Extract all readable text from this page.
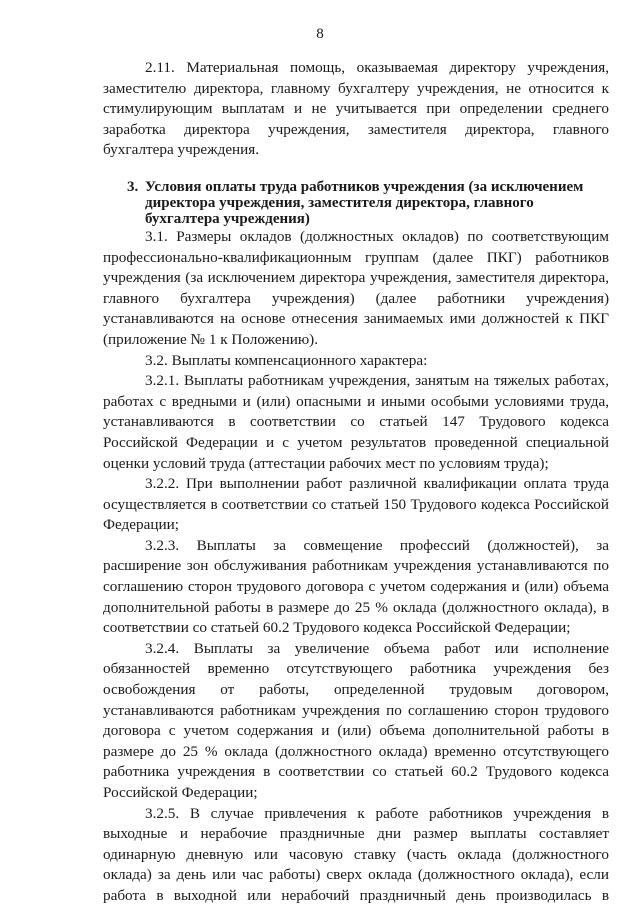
8

2.11. Материальная помощь, оказываемая директору учреждения, заместителю директора, главному бухгалтеру учреждения, не относится к стимулирующим выплатам и не учитывается при определении среднего заработка директора учреждения, заместителя директора, главного бухгалтера учреждения.

3. Условия оплаты труда работников учреждения (за исключением директора учреждения, заместителя директора, главного бухгалтера учреждения)

3.1. Размеры окладов (должностных окладов) по соответствующим профессионально-квалификационным группам (далее ПКГ) работников учреждения (за исключением директора учреждения, заместителя директора, главного бухгалтера учреждения) (далее работники учреждения) устанавливаются на основе отнесения занимаемых ими должностей к ПКГ (приложение № 1 к Положению).

3.2. Выплаты компенсационного характера:

3.2.1. Выплаты работникам учреждения, занятым на тяжелых работах, работах с вредными и (или) опасными и иными особыми условиями труда, устанавливаются в соответствии со статьей 147 Трудового кодекса Российской Федерации и с учетом результатов проведенной специальной оценки условий труда (аттестации рабочих мест по условиям труда);

3.2.2. При выполнении работ различной квалификации оплата труда осуществляется в соответствии со статьей 150 Трудового кодекса Российской Федерации;

3.2.3. Выплаты за совмещение профессий (должностей), за расширение зон обслуживания работникам учреждения устанавливаются по соглашению сторон трудового договора с учетом содержания и (или) объема дополнительной работы в размере до 25 % оклада (должностного оклада), в соответствии со статьей 60.2 Трудового кодекса Российской Федерации;

3.2.4. Выплаты за увеличение объема работ или исполнение обязанностей временно отсутствующего работника учреждения без освобождения от работы, определенной трудовым договором, устанавливаются работникам учреждения по соглашению сторон трудового договора с учетом содержания и (или) объема дополнительной работы в размере до 25 % оклада (должностного оклада) временно отсутствующего работника учреждения в соответствии со статьей 60.2 Трудового кодекса Российской Федерации;

3.2.5. В случае привлечения к работе работников учреждения в выходные и нерабочие праздничные дни размер выплаты составляет одинарную дневную или часовую ставку (часть оклада (должностного оклада) за день или час работы) сверх оклада (должностного оклада), если работа в выходной или нерабочий праздничный день производилась в
